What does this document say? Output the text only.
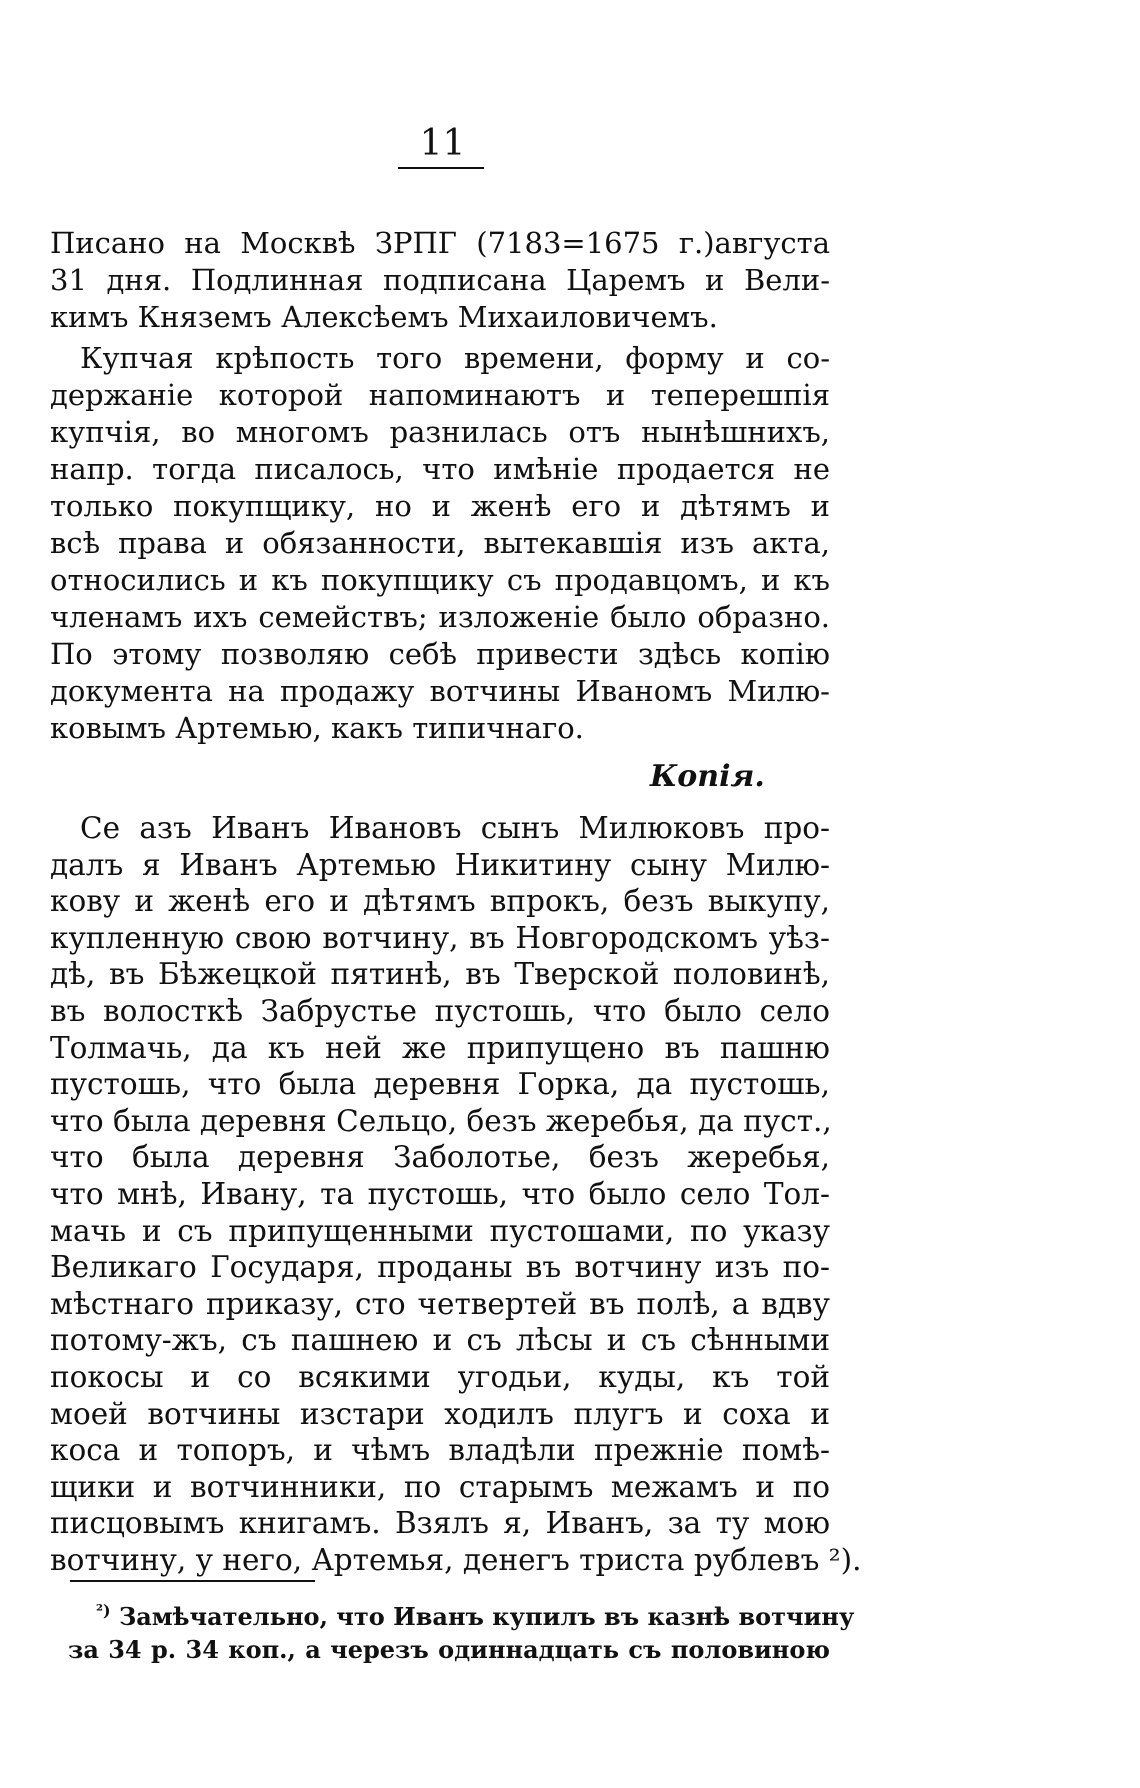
11
Писано на Москвѣ ЗРПГ (7183=1675 г.)августа
31 дня. Подлинная подписана Царемъ и Вели-
кимъ Княземъ Алексѣемъ Михаиловичемъ.
Купчая крѣпость того времени, форму и со-
держаніе которой напоминаютъ и теперешпія
купчія, во многомъ разнилась отъ нынѣшнихъ,
напр. тогда писалось, что имѣніе продается не
только покупщику, но и женѣ его и дѣтямъ и
всѣ права и обязанности, вытекавшія изъ акта,
относились и къ покупщику съ продавцомъ, и къ
членамъ ихъ семействъ; изложеніе было образно.
По этому позволяю себѣ привести здѣсь копію
документа на продажу вотчины Иваномъ Милю-
ковымъ Артемью, какъ типичнаго.
Копія.
Се азъ Иванъ Ивановъ сынъ Милюковъ про-
далъ я Иванъ Артемью Никитину сыну Милю-
кову и женѣ его и дѣтямъ впрокъ, безъ выкупу,
купленную свою вотчину, въ Новгородскомъ уѣз-
дѣ, въ Бѣжецкой пятинѣ, въ Тверской половинѣ,
въ волосткѣ Забрустье пустошь, что было село
Толмачь, да къ ней же припущено въ пашню
пустошь, что была деревня Горка, да пустошь,
что была деревня Сельцо, безъ жеребья, да пуст.,
что была деревня Заболотье, безъ жеребья,
что мнѣ, Ивану, та пустошь, что было село Тол-
мачь и съ припущенными пустошами, по указу
Великаго Государя, проданы въ вотчину изъ по-
мѣстнаго приказу, сто четвертей въ полѣ, а вдву
потому-жъ, съ пашнею и съ лѣсы и съ сѣнными
покосы и со всякими угодьи, куды, къ той
моей вотчины изстари ходилъ плугъ и соха и
коса и топоръ, и чѣмъ владѣли прежніе помѣ-
щики и вотчинники, по старымъ межамъ и по
писцовымъ книгамъ. Взялъ я, Иванъ, за ту мою
вотчину, у него, Артемья, денегъ триста рублевъ ²).
$^{^2)}$ Замѣчательно, что Иванъ купилъ въ казнѣ вотчину
за 34 р. 34 коп., а черезъ одиннадцать съ половиною
